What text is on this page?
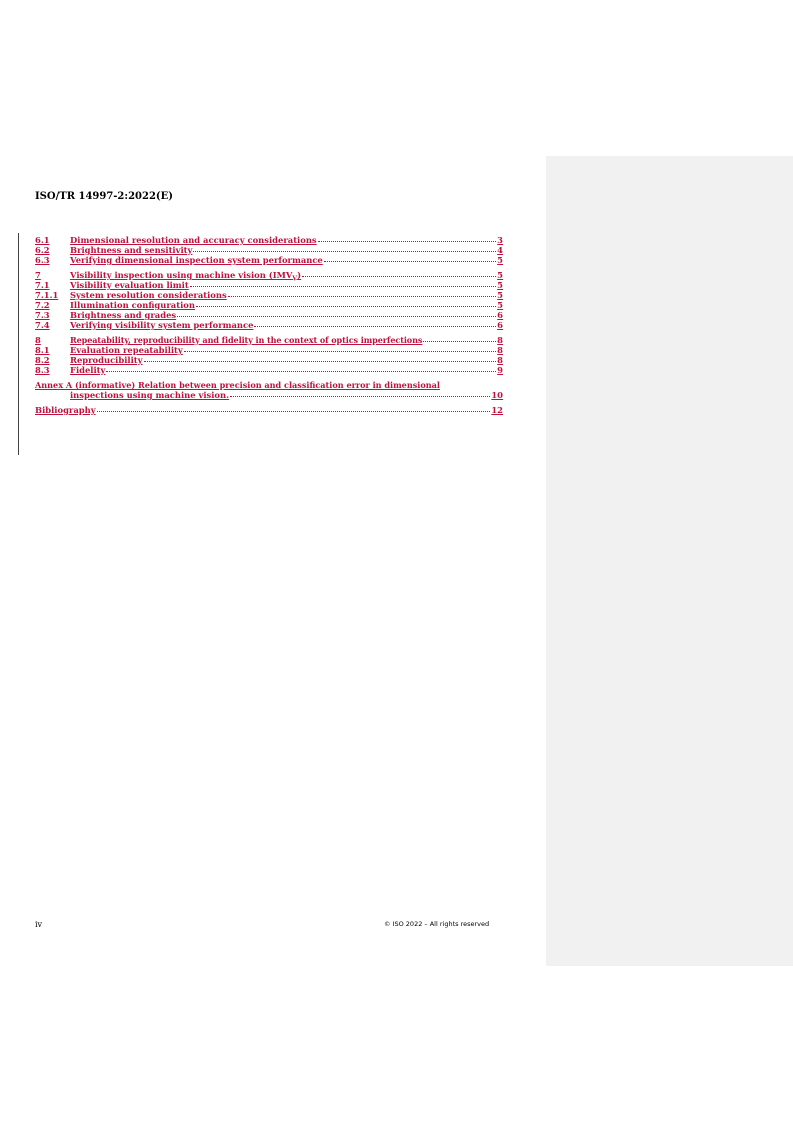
ISO/TR 14997-2:2022(E)
6.1	Dimensional resolution and accuracy considerations	3
6.2	Brightness and sensitivity	4
6.3	Verifying dimensional inspection system performance	5
7	Visibility inspection using machine vision $(IMV_V)$	5
7.1	Visibility evaluation limit	5
7.1.1	System resolution considerations	5
7.2	Illumination configuration	5
7.3	Brightness and grades	6
7.4	Verifying visibility system performance	6
8	Repeatability, reproducibility and fidelity in the context of optics imperfections	8
8.1	Evaluation repeatability	8
8.2	Reproducibility	8
8.3	Fidelity	9
Annex A (informative) Relation between precision and classification error in dimensional
inspections using machine vision.	10
Bibliography	12
iv	© ISO 2022 – All rights reserved
